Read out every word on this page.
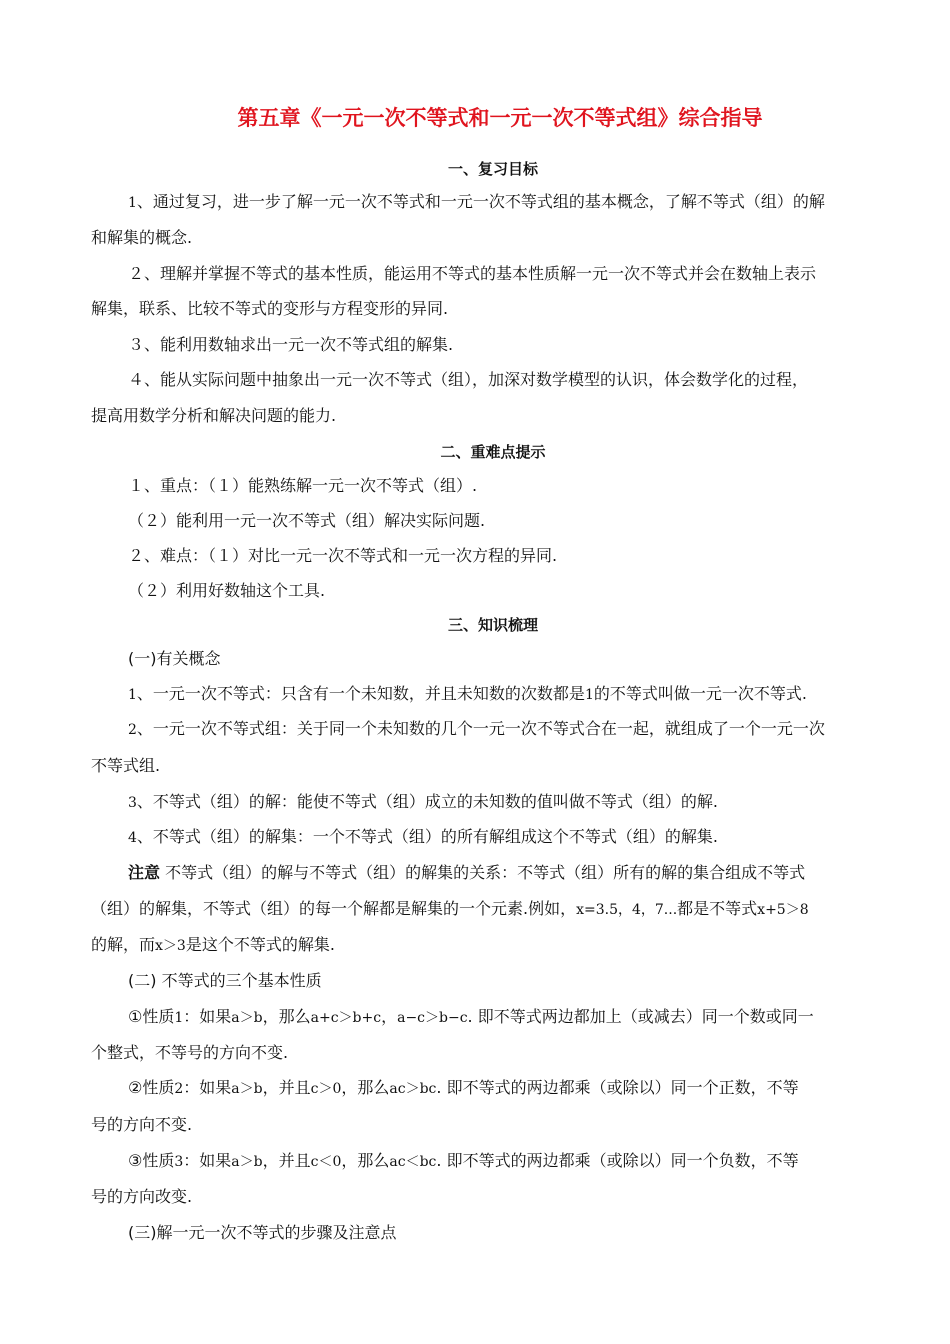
第五章《一元一次不等式和一元一次不等式组》综合指导
一、复习目标
1、通过复习，进一步了解一元一次不等式和一元一次不等式组的基本概念，了解不等式（组）的解
和解集的概念.
２、理解并掌握不等式的基本性质，能运用不等式的基本性质解一元一次不等式并会在数轴上表示
解集，联系、比较不等式的变形与方程变形的异同.
３、能利用数轴求出一元一次不等式组的解集.
４、能从实际问题中抽象出一元一次不等式（组），加深对数学模型的认识，体会数学化的过程，
提高用数学分析和解决问题的能力.
二、重难点提示
１、重点：（１）能熟练解一元一次不等式（组）.
（２）能利用一元一次不等式（组）解决实际问题.
２、难点：（１）对比一元一次不等式和一元一次方程的异同.
（２）利用好数轴这个工具.
三、知识梳理
(一)有关概念
1、一元一次不等式：只含有一个未知数，并且未知数的次数都是1的不等式叫做一元一次不等式.
2、一元一次不等式组：关于同一个未知数的几个一元一次不等式合在一起，就组成了一个一元一次
不等式组.
3、不等式（组）的解：能使不等式（组）成立的未知数的值叫做不等式（组）的解.
4、不等式（组）的解集：一个不等式（组）的所有解组成这个不等式（组）的解集.
注意 不等式（组）的解与不等式（组）的解集的关系：不等式（组）所有的解的集合组成不等式
（组）的解集，不等式（组）的每一个解都是解集的一个元素.例如，x=3.5，4，7...都是不等式x+5＞8
的解，而x＞3是这个不等式的解集.
(二) 不等式的三个基本性质
①性质1：如果a＞b，那么a+c＞b+c，a−c＞b−c. 即不等式两边都加上（或减去）同一个数或同一
个整式，不等号的方向不变.
②性质2：如果a＞b，并且c＞0，那么ac＞bc. 即不等式的两边都乘（或除以）同一个正数，不等
号的方向不变.
③性质3：如果a＞b，并且c＜0，那么ac＜bc. 即不等式的两边都乘（或除以）同一个负数，不等
号的方向改变.
(三)解一元一次不等式的步骤及注意点
